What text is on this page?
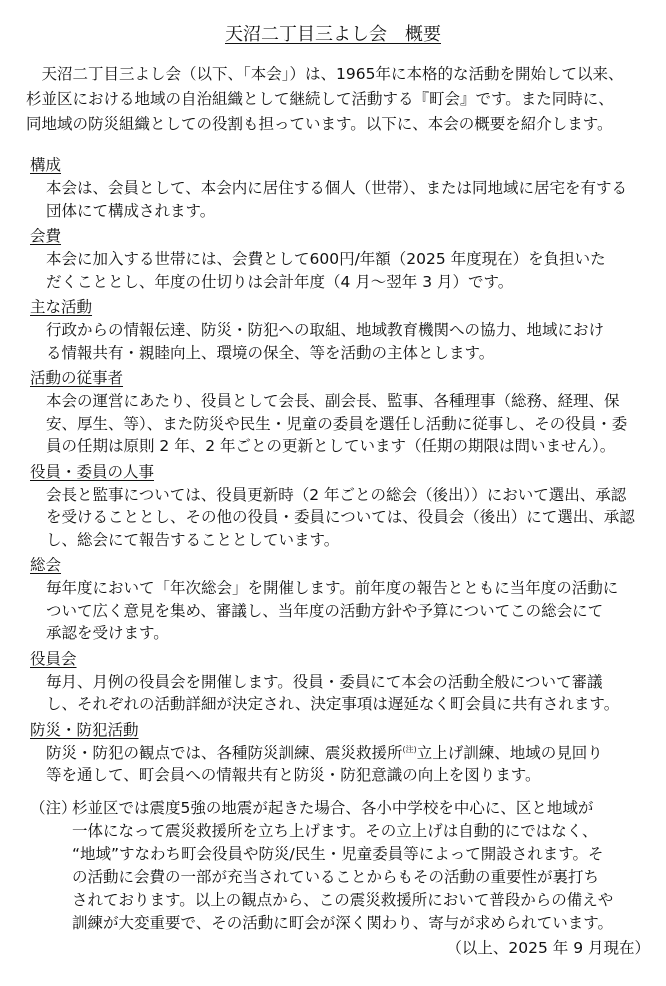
天沼二丁目三よし会　概要
　天沼二丁目三よし会（以下、「本会」）は、1965年に本格的な活動を開始して以来、
杉並区における地域の自治組織として継続して活動する『町会』です。また同時に、
同地域の防災組織としての役割も担っています。以下に、本会の概要を紹介します。
構成
本会は、会員として、本会内に居住する個人（世帯）、または同地域に居宅を有する
団体にて構成されます。
会費
本会に加入する世帯には、会費として600円/年額（2025 年度現在）を負担いた
だくこととし、年度の仕切りは会計年度（4 月～翌年 3 月）です。
主な活動
行政からの情報伝達、防災・防犯への取組、地域教育機関への協力、地域におけ
る情報共有・親睦向上、環境の保全、等を活動の主体とします。
活動の従事者
本会の運営にあたり、役員として会長、副会長、監事、各種理事（総務、経理、保
安、厚生、等）、また防災や民生・児童の委員を選任し活動に従事し、その役員・委
員の任期は原則 2 年、2 年ごとの更新としています（任期の期限は問いません）。
役員・委員の人事
会長と監事については、役員更新時（2 年ごとの総会（後出））において選出、承認
を受けることとし、その他の役員・委員については、役員会（後出）にて選出、承認
し、総会にて報告することとしています。
総会
毎年度において「年次総会」を開催します。前年度の報告とともに当年度の活動に
ついて広く意見を集め、審議し、当年度の活動方針や予算についてこの総会にて
承認を受けます。
役員会
毎月、月例の役員会を開催します。役員・委員にて本会の活動全般について審議
し、それぞれの活動詳細が決定され、決定事項は遅延なく町会員に共有されます。
防災・防犯活動
防災・防犯の観点では、各種防災訓練、震災救援所$^{(注)}$立上げ訓練、地域の見回り
等を通して、町会員への情報共有と防災・防犯意識の向上を図ります。
（注）
杉並区では震度5強の地震が起きた場合、各小中学校を中心に、区と地域が
一体になって震災救援所を立ち上げます。その立上げは自動的にではなく、
“地域”すなわち町会役員や防災/民生・児童委員等によって開設されます。そ
の活動に会費の一部が充当されていることからもその活動の重要性が裏打ち
されております。以上の観点から、この震災救援所において普段からの備えや
訓練が大変重要で、その活動に町会が深く関わり、寄与が求められています。
（以上、2025 年 9 月現在）
